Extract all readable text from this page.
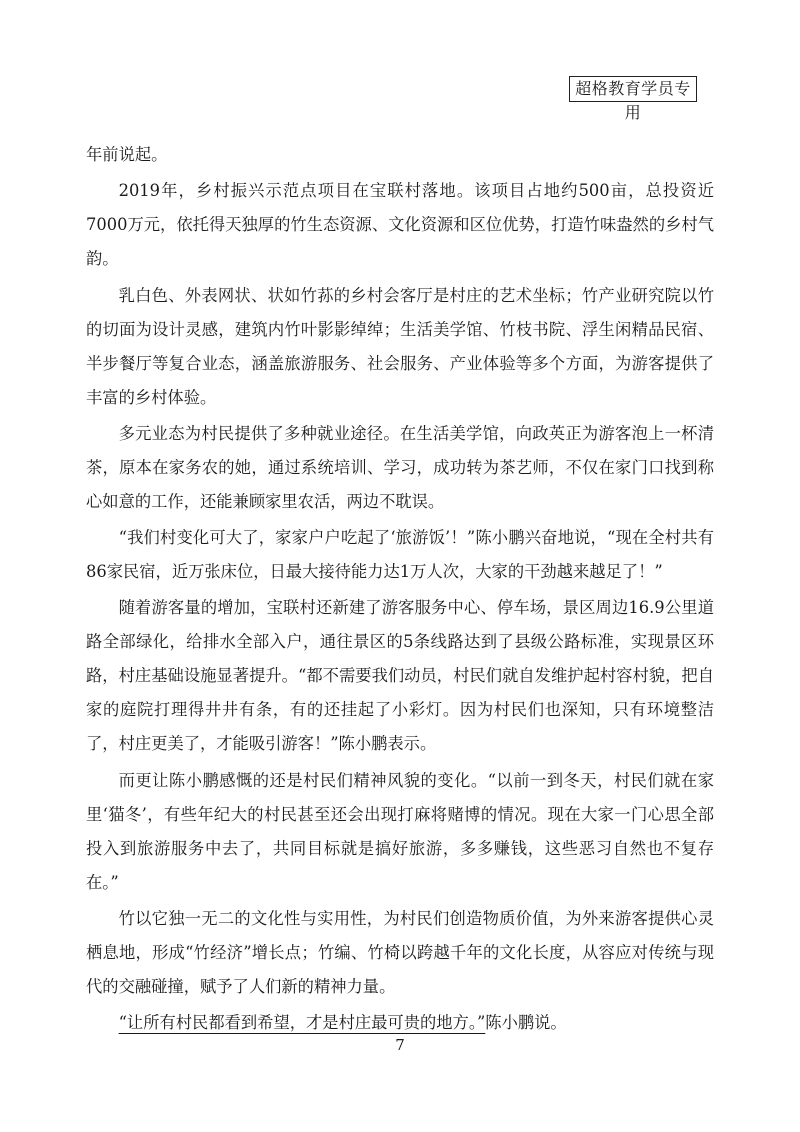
超格教育学员专用

年前说起。

2019年，乡村振兴示范点项目在宝联村落地。该项目占地约500亩，总投资近7000万元，依托得天独厚的竹生态资源、文化资源和区位优势，打造竹味盎然的乡村气韵。

乳白色、外表网状、状如竹荪的乡村会客厅是村庄的艺术坐标；竹产业研究院以竹的切面为设计灵感，建筑内竹叶影影绰绰；生活美学馆、竹枝书院、浮生闲精品民宿、半步餐厅等复合业态，涵盖旅游服务、社会服务、产业体验等多个方面，为游客提供了丰富的乡村体验。

多元业态为村民提供了多种就业途径。在生活美学馆，向政英正为游客泡上一杯清茶，原本在家务农的她，通过系统培训、学习，成功转为茶艺师，不仅在家门口找到称心如意的工作，还能兼顾家里农活，两边不耽误。

“我们村变化可大了，家家户户吃起了‘旅游饭’！”陈小鹏兴奋地说，“现在全村共有86家民宿，近万张床位，日最大接待能力达1万人次，大家的干劲越来越足了！”

随着游客量的增加，宝联村还新建了游客服务中心、停车场，景区周边16.9公里道路全部绿化，给排水全部入户，通往景区的5条线路达到了县级公路标准，实现景区环路，村庄基础设施显著提升。“都不需要我们动员，村民们就自发维护起村容村貌，把自家的庭院打理得井井有条，有的还挂起了小彩灯。因为村民们也深知，只有环境整洁了，村庄更美了，才能吸引游客！”陈小鹏表示。

而更让陈小鹏感慨的还是村民们精神风貌的变化。“以前一到冬天，村民们就在家里‘猫冬’，有些年纪大的村民甚至还会出现打麻将赌博的情况。现在大家一门心思全部投入到旅游服务中去了，共同目标就是搞好旅游，多多赚钱，这些恶习自然也不复存在。”

竹以它独一无二的文化性与实用性，为村民们创造物质价值，为外来游客提供心灵栖息地，形成“竹经济”增长点；竹编、竹椅以跨越千年的文化长度，从容应对传统与现代的交融碰撞，赋予了人们新的精神力量。

“让所有村民都看到希望，才是村庄最可贵的地方。”陈小鹏说。

7
